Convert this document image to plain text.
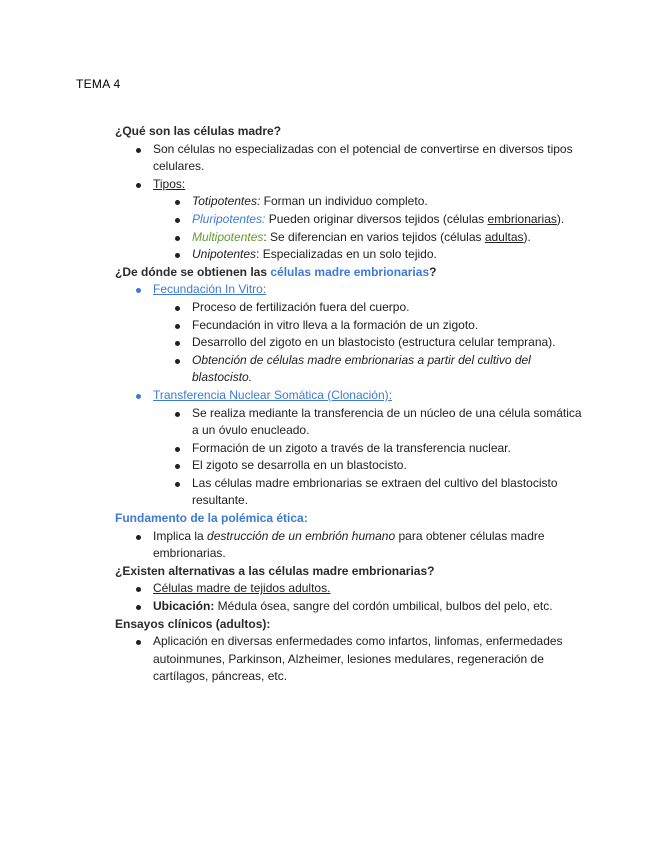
TEMA 4
¿Qué son las células madre?
Son células no especializadas con el potencial de convertirse en diversos tipos celulares.
Tipos:
Totipotentes: Forman un individuo completo.
Pluripotentes: Pueden originar diversos tejidos (células embrionarias).
Multipotentes: Se diferencian en varios tejidos (células adultas).
Unipotentes: Especializadas en un solo tejido.
¿De dónde se obtienen las células madre embrionarias?
Fecundación In Vitro:
Proceso de fertilización fuera del cuerpo.
Fecundación in vitro lleva a la formación de un zigoto.
Desarrollo del zigoto en un blastocisto (estructura celular temprana).
Obtención de células madre embrionarias a partir del cultivo del blastocisto.
Transferencia Nuclear Somática (Clonación):
Se realiza mediante la transferencia de un núcleo de una célula somática a un óvulo enucleado.
Formación de un zigoto a través de la transferencia nuclear.
El zigoto se desarrolla en un blastocisto.
Las células madre embrionarias se extraen del cultivo del blastocisto resultante.
Fundamento de la polémica ética:
Implica la destrucción de un embrión humano para obtener células madre embrionarias.
¿Existen alternativas a las células madre embrionarias?
Células madre de tejidos adultos.
Ubicación: Médula ósea, sangre del cordón umbilical, bulbos del pelo, etc.
Ensayos clínicos (adultos):
Aplicación en diversas enfermedades como infartos, linfomas, enfermedades autoinmunes, Parkinson, Alzheimer, lesiones medulares, regeneración de cartílagos, páncreas, etc.
